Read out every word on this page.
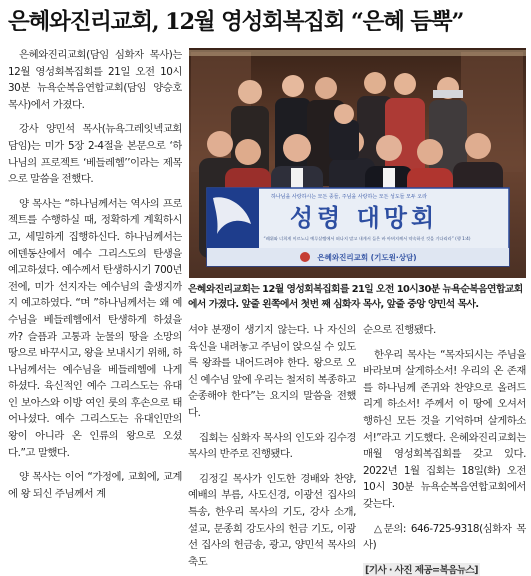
은혜와진리교회, 12월 영성회복집회 “은혜 듬뿍”

은혜와진리교회(담임 심화자 목사)는 12월 영성회복집회를 21일 오전 10시30분 뉴욕순복음연합교회(담임 양승호 목사)에서 가졌다.

강사 양민석 목사(뉴욕그레잇넥교회 담임)는 미가 5장 2-4절을 본문으로 ‘하나님의 프로젝트 ‘베들레헴’’이라는 제목으로 말씀을 전했다.

양 목사는 “하나님께서는 역사의 프로젝트를 수행하실 때, 정확하게 계획하시고, 세밀하게 집행하신다. 하나님께서는 에덴동산에서 예수 그리스도의 탄생을 예고하셨다. 예수께서 탄생하시기 700년 전에, 미가 선지자는 예수님의 출생지까지 예고하였다. “며 ”하나님께서는 왜 예수님을 베들레헴에서 탄생하게 하셨을까? 슬픔과 고통과 눈물의 땅을 소망의 땅으로 바꾸시고, 왕을 보내시기 위해, 하나님께서는 예수님을 베들레헴에 나게 하셨다. 육신적인 예수 그리스도는 유대인 보아스와 이방 여인 룻의 후손으로 태어나셨다. 예수 그리스도는 유대인만의 왕이 아니라 온 인류의 왕으로 오셨다.”고 말했다.

양 목사는 이어 “가정에, 교회에, 교계에 왕 되신 주님께서 계

하나님을 사랑하시는 모든 종들, 주님을 사랑하는 모든 성도들 모두 오라
성령 대망회
“레위와 너희게 이르노니 예루살렘에서 떠나지 말고 내게서 들은 바 아버지께서 약속하신 것을 기다리라” (행 1:4)
은혜와진리교회 (기도원·상담)
은혜와진리교회는 12월 영성회복집회를 21일 오전 10시30분 뉴욕순복음연합교회에서 가졌다. 앞줄 왼쪽에서 첫번 째 심화자 목사, 앞줄 중앙 양민석 목사.

셔야 분쟁이 생기지 않는다. 나 자신의 육신을 내려놓고 주님이 앉으실 수 있도록 왕좌를 내어드려야 한다. 왕으로 오신 예수님 앞에 우리는 철저히 복종하고 순종해야 한다”는 요지의 말씀을 전했다.

집회는 심화자 목사의 인도와 김수경 목사의 반주로 진행됐다.

김정길 목사가 인도한 경배와 찬양, 예배의 부름, 사도신경, 이광선 집사의 특송, 한우리 목사의 기도, 강사 소개, 설교, 문종희 강도사의 헌금 기도, 이광선 집사의 헌금송, 광고, 양민석 목사의 축도

순으로 진행됐다.

한우리 목사는 “목자되시는 주님을 바라보며 살게하소서! 우리의 온 존재를 하나님께 존귀와 찬양으로 올려드리게 하소서! 주께서 이 땅에 오셔서 행하신 모든 것을 기억하며 살게하소서!”라고 기도했다. 은혜와진리교회는 매월 영성회복집회를 갖고 있다. 2022년 1월 집회는 18일(화) 오전 10시 30분 뉴욕순복음연합교회에서 갖는다.

△문의: 646-725-9318(심화자 목사)

[기사 · 사진 제공=복음뉴스]
